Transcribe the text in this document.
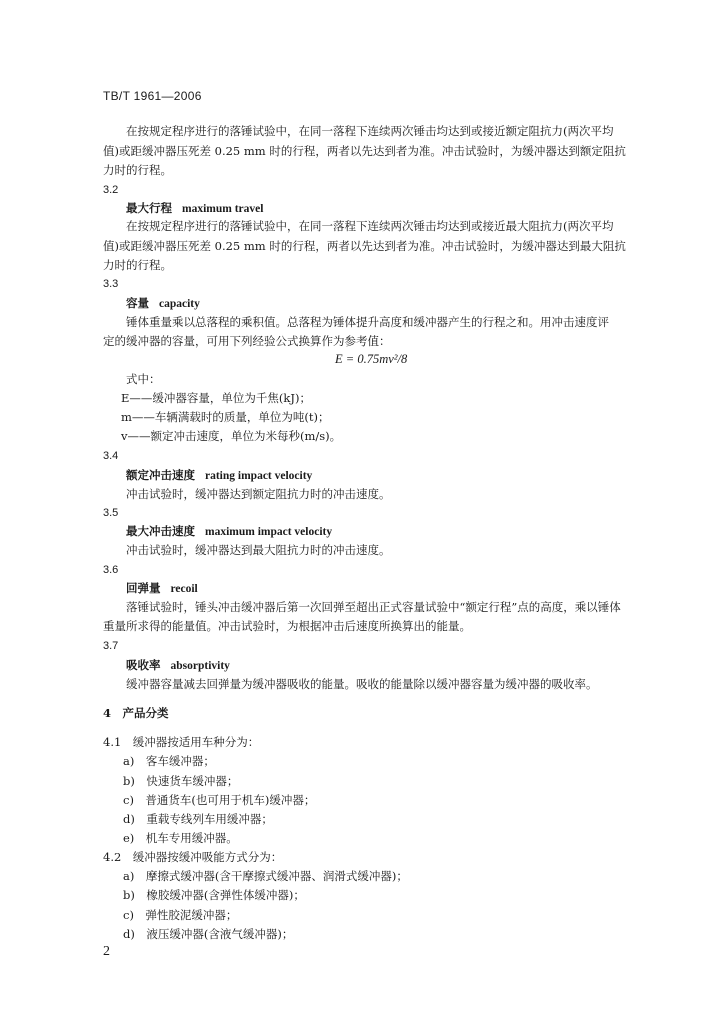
TB/T 1961—2006
在按规定程序进行的落锤试验中，在同一落程下连续两次锤击均达到或接近额定阻抗力(两次平均
值)或距缓冲器压死差 0.25 mm 时的行程，两者以先达到者为准。冲击试验时，为缓冲器达到额定阻抗
力时的行程。
3.2
最大行程 maximum travel
在按规定程序进行的落锤试验中，在同一落程下连续两次锤击均达到或接近最大阻抗力(两次平均
值)或距缓冲器压死差 0.25 mm 时的行程，两者以先达到者为准。冲击试验时，为缓冲器达到最大阻抗
力时的行程。
3.3
容量 capacity
锤体重量乘以总落程的乘积值。总落程为锤体提升高度和缓冲器产生的行程之和。用冲击速度评
定的缓冲器的容量，可用下列经验公式换算作为参考值：
E = 0.75mv²/8
式中：
E——缓冲器容量，单位为千焦(kJ)；
m——车辆满载时的质量，单位为吨(t)；
v——额定冲击速度，单位为米每秒(m/s)。
3.4
额定冲击速度 rating impact velocity
冲击试验时，缓冲器达到额定阻抗力时的冲击速度。
3.5
最大冲击速度 maximum impact velocity
冲击试验时，缓冲器达到最大阻抗力时的冲击速度。
3.6
回弹量 recoil
落锤试验时，锤头冲击缓冲器后第一次回弹至超出正式容量试验中“额定行程”点的高度，乘以锤体
重量所求得的能量值。冲击试验时，为根据冲击后速度所换算出的能量。
3.7
吸收率 absorptivity
缓冲器容量减去回弹量为缓冲器吸收的能量。吸收的能量除以缓冲器容量为缓冲器的吸收率。
4　产品分类
4.1　缓冲器按适用车种分为：
a)　客车缓冲器；
b)　快速货车缓冲器；
c)　普通货车(也可用于机车)缓冲器；
d)　重载专线列车用缓冲器；
e)　机车专用缓冲器。
4.2　缓冲器按缓冲吸能方式分为：
a)　摩擦式缓冲器(含干摩擦式缓冲器、润滑式缓冲器)；
b)　橡胶缓冲器(含弹性体缓冲器)；
c)　弹性胶泥缓冲器；
d)　液压缓冲器(含液气缓冲器)；
2
